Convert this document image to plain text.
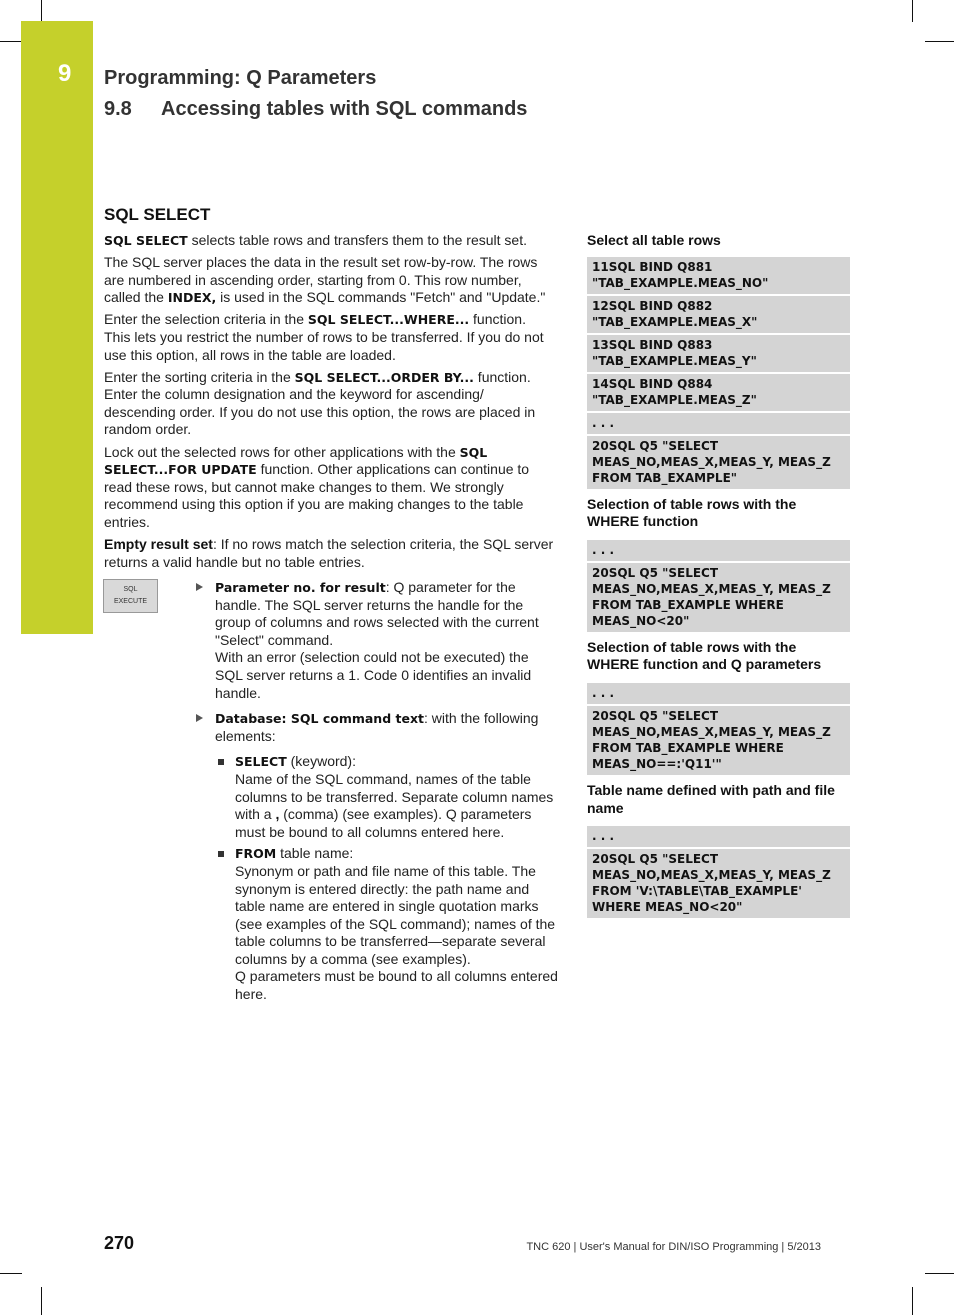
9 Programming: Q Parameters
9.8 Accessing tables with SQL commands
SQL SELECT

SQL SELECT selects table rows and transfers them to the result set.

The SQL server places the data in the result set row-by-row. The rows are numbered in ascending order, starting from 0. This row number, called the INDEX, is used in the SQL commands "Fetch" and "Update."

Enter the selection criteria in the SQL SELECT...WHERE... function. This lets you restrict the number of rows to be transferred. If you do not use this option, all rows in the table are loaded.

Enter the sorting criteria in the SQL SELECT...ORDER BY... function. Enter the column designation and the keyword for ascending/ descending order. If you do not use this option, the rows are placed in random order.

Lock out the selected rows for other applications with the SQL SELECT...FOR UPDATE function. Other applications can continue to read these rows, but cannot make changes to them. We strongly recommend using this option if you are making changes to the table entries.

Empty result set: If no rows match the selection criteria, the SQL server returns a valid handle but no table entries.

SQL
EXECUTE
Parameter no. for result: Q parameter for the handle. The SQL server returns the handle for the group of columns and rows selected with the current "Select" command.
With an error (selection could not be executed) the SQL server returns a 1. Code 0 identifies an invalid handle.
Database: SQL command text: with the following elements:
SELECT (keyword):
Name of the SQL command, names of the table columns to be transferred. Separate column names with a , (comma) (see examples). Q parameters must be bound to all columns entered here.
FROM table name:
Synonym or path and file name of this table. The synonym is entered directly: the path name and table name are entered in single quotation marks (see examples of the SQL command); names of the table columns to be transferred—separate several columns by a comma (see examples).
Q parameters must be bound to all columns entered here.
Select all table rows
11SQL BIND Q881 "TAB_EXAMPLE.MEAS_NO"
12SQL BIND Q882 "TAB_EXAMPLE.MEAS_X"
13SQL BIND Q883 "TAB_EXAMPLE.MEAS_Y"
14SQL BIND Q884 "TAB_EXAMPLE.MEAS_Z"
. . .
20SQL Q5 "SELECT MEAS_NO,MEAS_X,MEAS_Y, MEAS_Z FROM TAB_EXAMPLE"
Selection of table rows with the WHERE function
. . .
20SQL Q5 "SELECT MEAS_NO,MEAS_X,MEAS_Y, MEAS_Z FROM TAB_EXAMPLE WHERE MEAS_NO<20"
Selection of table rows with the WHERE function and Q parameters
. . .
20SQL Q5 "SELECT MEAS_NO,MEAS_X,MEAS_Y, MEAS_Z FROM TAB_EXAMPLE WHERE MEAS_NO==:'Q11'"
Table name defined with path and file name
. . .
20SQL Q5 "SELECT MEAS_NO,MEAS_X,MEAS_Y, MEAS_Z FROM 'V:\TABLE\TAB_EXAMPLE' WHERE MEAS_NO<20"
270	TNC 620 | User's Manual for DIN/ISO Programming | 5/2013
